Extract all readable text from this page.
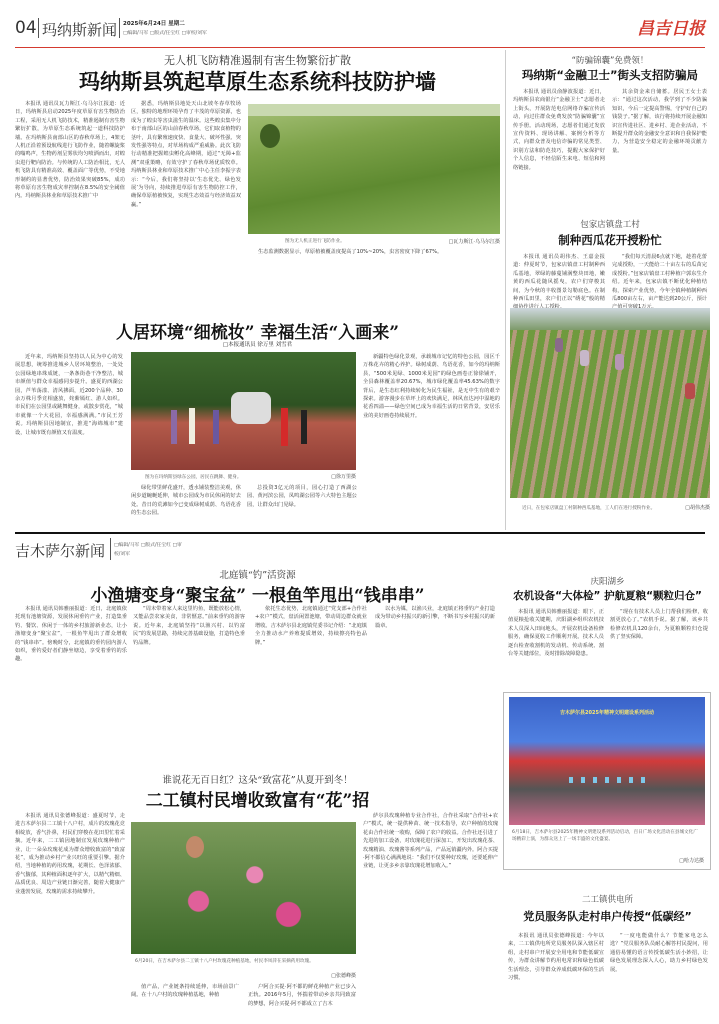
04 玛纳斯新闻 2025年6月24日 星期二
□编辑/马军 □版式/任宝红 □审校/刘军	昌吉日报
无人机飞防精准遏制有害生物繁衍扩散
玛纳斯县筑起草原生态系统科技防护墙
本报讯 通讯员瓦力斯江·乌马尔江报道：近日，玛纳斯县启动2025年度草原有害生物防治工程，采用无人机飞防技术，精准遏制有害生物繁衍扩散，为草原生态系统筑起一道科技防护墙。在玛纳斯县南部山区的春秋草场上，4架无人机正沿着预设航线进行飞防作业，随着螺旋桨的嗡鸣声，生物药剂呈雾状均匀喷洒而出，对蝗虫进行靶向防治。与传统的人工防治相比，无人机飞防具有精准高效、覆盖面广等优势，不受地形制约的显著优势，防治效果突破85%，成功将草原有害生物成灾率控制在8.5%的安全阈值内。玛纳斯县林业和草原技术推广中
据悉，玛纳斯县地处天山北坡冬春草牧场区，独特的地理环境孕育了丰茂的草原资源，也成为了蝗虫等害虫滋生的温床。这些蝗虫集中分布于南部山区的山前春秋草场，它们取食植物的茎叶，具有繁殖速度快、食量大、破坏性强、突发性强等特点，对草场构成严重威胁。此次飞防行动精准把握蝗虫孵化高峰期，通过“无障+监测”双重策略，有效守护了春秋草场优质牧草。玛纳斯县林业和草原技术推广中心主任李振宇表示：“今后，我们将坚持以‘生态优先、绿色发展’为导向，持续推进草原有害生物防控工作，确保草原植被恢复，实现生态效益与经济效益双赢。”
图为无人机正进行飞防作业。	□瓦力斯江·乌马尔江摄
生态监测数据显示，草原植被覆盖度提高了10%~20%，虫害密度下降了67%。
“防骗锦囊”免费领！
玛纳斯“金融卫士”街头支招防骗局
本报讯 通讯员俞静波报道：近日，玛纳斯县农商银行“金融卫士”志愿者走上街头，开展防范电信网络诈骗宣传活动，向过往群众免费发放“防骗锦囊”宣传手册。活动现场，志愿者们通过发放宣传资料、现场讲解、案例分析等方式，向群众普及电信诈骗的常见类型、识别方法和防范技巧，提醒大家保护好个人信息，不轻信陌生来电、短信和网络链接。
其余资金来自储蓄。居民王女士表示：“通过这次活动，我学到了不少防骗知识，今后一定提高警惕，守护好自己的钱袋子。”据了解，该行将持续开展金融知识宣传进社区、进乡村、进企业活动，不断提升群众的金融安全意识和自我保护能力，为营造安全稳定的金融环境贡献力量。
包家店镇盘工村
制种西瓜花开授粉忙
本报讯 通讯员胡伟杰、王嘉金报道：仲夏时节，包家店镇盘工村制种西瓜基地，翠绿的藤蔓铺满整块田地，嫩黄的西瓜花随风摇曳，农户们穿梭其间，为今秋的丰收图景勾勒底色。在制种西瓜田里，农户们正以“绣花”般的精
“我们每天清晨6点就下地，趁着花蕾完成授粉，一天能给二十亩左右的瓜苗完成授粉。”包家店镇盘工村种植户郭东生介绍。近年来，包家店镇不断优化种植结构，探索产业优势，今年全镇种植制种西瓜800亩左右，亩产能达到20公斤，预计
近日，在包家店镇盘工村制种西瓜基地，工人们在进行授粉作业。	□胡伟杰摄
人居环境“细梳妆” 幸福生活“入画来”
□本报通讯员 徐万里 刘雪君
近年来，玛纳斯县坚持以人民为中心的发展思想，统筹推进城乡人居环境整治，一处处公园绿地串珠成链，一条条街巷干净整洁，城市颜值与群众幸福感同步提升。盛夏的西湖公园，芦苇荡漾、清风拂面，近200个品种、30余万株月季竞相盛放，姹紫嫣红、游人如织。市民们在公园里或跳舞健身，或散步赏花，“城市就像一个大花园，幸福感满满。”市民王芳说。玛纳斯县因地制宜，推进“海绵城市”建设，让城市既有颜值又有温度。
图为在玛纳斯县绿东公园，居民在跳舞、健身。	□徐万里摄
绿化带里鲜花盛开，透水铺装整洁美观，休闲步道蜿蜒延伸，城市公园成为市民休闲的好去处。昔日的荒滩如今已变成绿树成荫、鸟语花香的生态公园。
总投资3亿元的项目，园心打造了西湖公园、黄河滨公园，凤鸣湖公园等六大特色主题公园，让群众出门见绿。
新疆特色绿化景观，承载城市记忆的特色公园，园区千万株花卉的精心养护。绿树成荫、鸟语花香，如今的玛纳斯县，“500米见绿、1000米见园”的绿色画卷正徐徐铺开，全县森林覆盖率20.67%，城市绿化覆盖率45.63%的数字背后，是生态红利持续转化为民生福祉，是无中生有的艰辛探索。游客漫步在草坪上的欢快满足，林风直达河中湿地的花香四溢——绿色空间已成为幸福生活的日常背景，安居乐业的美好画卷持续展开。
吉木萨尔新闻 □编辑/马军 □版式/任宝红 □审校/刘军
北庭镇“钓”活资源
小渔塘变身“聚宝盆” 一根鱼竿甩出“钱串串”
本报讯 通讯员韩雅丽报道：近日，北庭镇依托现有池塘资源，发展休闲垂钓产业，打造集垂钓、餐饮、休闲于一体的乡村旅游新业态，让小渔塘变身“聚宝盆”，一根鱼竿甩出了群众增收的“钱串串”。傍晚时分，北庭镇的垂钓园内游人如织，垂钓爱好者们静坐塘边，享受着垂钓的乐趣。
“周末带着家人来这里钓鱼，既能放松心情，又能品尝农家美食，非常惬意。”前来垂钓的游客说。近年来，北庭镇坚持“以渔兴村、以钓富民”的发展思路，持续完善基础设施，打造特色垂钓品牌。
依托生态优势，北庭镇通过“党支部+合作社+农户”模式，盘活闲置池塘，带动周边群众就业增收。吉木萨尔县北庭镇党委书记介绍：“北庭镇全力推动水产养殖提质增效，持续擦亮特色品牌。”
以水为媒，以渔兴业，北庭镇正将垂钓产业打造成为带动乡村振兴的新引擎，不断书写乡村振兴的新篇章。
庆阳湖乡
农机设备“大体检” 护航夏粮“颗粒归仓”
本报讯 通讯员韩雅丽报道：眼下，正值夏粮抢收关键期，庆阳湖乡组织农机技术人员深入田间地头，开展农机设备检修服务，确保夏收工作顺利开展。技术人员逐台检查收割机的发动机、传动系统、割台等关键部位，及时排除故障隐患。
“现在有技术人员上门帮我们检修，收割更放心了。”农机手说。据了解，该乡共检修农机具120余台，为夏粮颗粒归仓提供了坚实保障。
吉木萨尔县2025年精神文明建设系列活动
6月18日，吉木萨尔县2025年精神文明建设系列活动启动，百日广场文化活动在县城文化广场精彩上演，为群众送上了一场丰盛的文化盛宴。
□哈力达摄
二工镇供电所
党员服务队走村串户传授“低碳经”
本报讯 通讯员张德峰报道：今年以来，二工镇供电所党员服务队深入辖区村组，走村串户开展安全用电和节能低碳宣传，为群众讲解节约用电常识和绿色低碳生活理念，引导群众养成低碳环保的生活习惯。
“一度电能做什么？节能家电怎么选？”党员服务队员耐心解答村民提问，用通俗易懂的语言传授低碳生活小妙招，让绿色发展理念深入人心，助力乡村绿色发展。
谁说花无百日红？这朵“致富花”从夏开到冬！
二工镇村民增收致富有“花”招
本报讯 通讯员张德峰报道：盛夏时节，走进吉木萨尔县二工镇十八户村，成片的玫瑰花竞相绽放，香气扑鼻，村民们穿梭在花田里忙着采摘。近年来，二工镇因地制宜发展玫瑰种植产业，让一朵朵玫瑰花成为群众增收致富的“致富花”，成为推动乡村产业兴旺的重要引擎。据介绍，当地种植的药用玫瑰，花期长、色泽浓郁、香气馥郁，其种植面积逐年扩大，以精气精细、品质优良、周边产业链日渐完善，随着大健康产业蓬勃发展，玫瑰的需求持续攀升。
6月20日，在吉木萨尔县二工镇十八户村玫瑰花种植基地，村民李凤萍在采摘药用玫瑰。
□张德峰摄
值产品，产业链条持续延伸，市场前景广阔。在十八户村的玫瑰种植基地，种植
户阿合买提·阿不都的鲜花种植产业已步入正轨。2016年5月，怀揣着带动乡亲共同致富的梦想，阿合买提·阿不都成立了吉木
萨尔县玫瑰种植专业合作社，合作社采取“合作社+农户”模式，统一提供种苗、统一技术指导，农户种植的玫瑰花由合作社统一收购，保障了农户的收益。合作社还引进了先进的加工设备，对玫瑰花进行深加工，开发出玫瑰花茶、玫瑰精油、玫瑰酱等系列产品，产品远销疆内外。阿合买提·阿不都信心满满地说：“我们不仅要种好玫瑰，还要延伸产业链，让更多乡亲靠玫瑰花增加收入。”
